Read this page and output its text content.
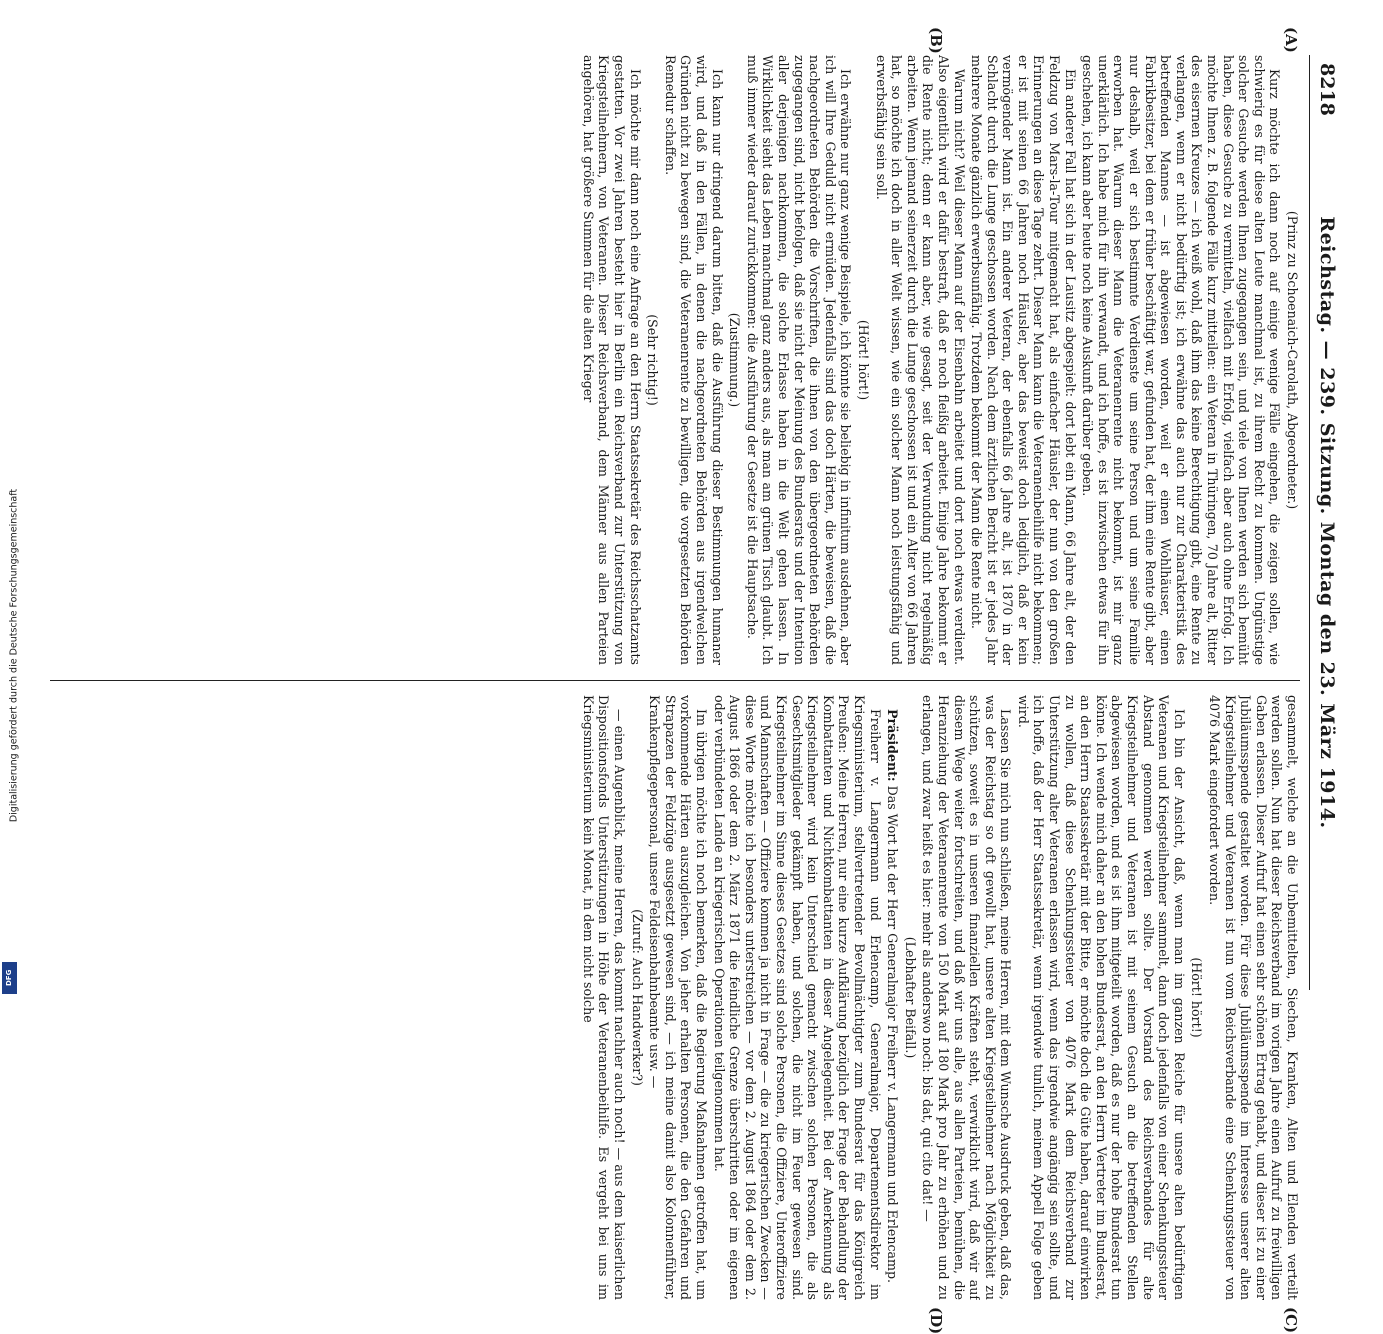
8218
Reichstag. — 239. Sitzung. Montag den 23. März 1914.
(A)
(B)
(C)
(D)

(Prinz zu Schoenaich-Carolath, Abgeordneter.)

Kurz möchte ich dann noch auf einige wenige Fälle eingehen, die zeigen sollen, wie schwierig es für diese alten Leute manchmal ist, zu ihrem Recht zu kommen. Ungünstige solcher Gesuche werden Ihnen zugegangen sein, und viele von Ihnen werden sich bemüht haben, diese Gesuche zu vermitteln, vielfach mit Erfolg, vielfach aber auch ohne Erfolg. Ich möchte Ihnen z. B. folgende Fälle kurz mitteilen: ein Veteran in Thüringen, 70 Jahre alt, Ritter des eisernen Kreuzes — ich weiß wohl, daß ihm das keine Berechtigung gibt, eine Rente zu verlangen, wenn er nicht bedürftig ist; ich erwähne das auch nur zur Charakteristik des betreffenden Mannes — ist abgewiesen worden, weil er einen Wohlhäuser, einen Fabrikbesitzer, bei dem er früher beschäftigt war, gefunden hat, der ihm eine Rente gibt, aber nur deshalb, weil er sich bestimmte Verdienste um seine Person und um seine Familie erworben hat. Warum dieser Mann die Veteranenrente nicht bekommt, ist mir ganz unerklärlich. Ich habe mich für ihn verwandt, und ich hoffe, es ist inzwischen etwas für ihn geschehen, ich kann aber heute noch keine Auskunft darüber geben.

Ein anderer Fall hat sich in der Lausitz abgespielt: dort lebt ein Mann, 66 Jahre alt, der den Feldzug von Mars-la-Tour mitgemacht hat, als einfacher Häusler, der nun von den großen Erinnerungen an diese Tage zehrt. Dieser Mann kann die Veteranenbeihilfe nicht bekommen; er ist mit seinen 66 Jahren noch Häusler, aber das beweist doch lediglich, daß er kein vermögender Mann ist. Ein anderer Veteran, der ebenfalls 66 Jahre alt, ist 1870 in der Schlacht durch die Lunge geschossen worden. Nach dem ärztlichen Bericht ist er jedes Jahr mehrere Monate gänzlich erwerbsunfähig. Trotzdem bekommt der Mann die Rente nicht.

Warum nicht? Weil dieser Mann auf der Eisenbahn arbeitet und dort noch etwas verdient. Also eigentlich wird er dafür bestraft, daß er noch fleißig arbeitet. Einige Jahre bekommt er die Rente nicht; denn er kann aber, wie gesagt, seit der Verwundung nicht regelmäßig arbeiten. Wenn jemand seinerzeit durch die Lunge geschossen ist und ein Alter von 66 Jahren hat, so möchte ich doch in aller Welt wissen, wie ein solcher Mann noch leistungsfähig und erwerbsfähig sein soll.

(Hört! hört!)

Ich erwähne nur ganz wenige Beispiele, ich könnte sie beliebig in infinitum ausdehnen, aber ich will Ihre Geduld nicht ermüden. Jedenfalls sind das doch Härten, die beweisen, daß die nachgeordneten Behörden die Vorschriften, die ihnen von den übergeordneten Behörden zugegangen sind, nicht befolgen, daß sie nicht der Meinung des Bundesrats und der Intention aller derjenigen nachkommen, die solche Erlasse haben in die Welt gehen lassen. In Wirklichkeit sieht das Leben manchmal ganz anders aus, als man am grünen Tisch glaubt. Ich muß immer wieder darauf zurückkommen: die Ausführung der Gesetze ist die Hauptsache.

(Zustimmung.)

Ich kann nur dringend darum bitten, daß die Ausführung dieser Bestimmungen humaner wird, und daß in den Fällen, in denen die nachgeordneten Behörden aus irgendwelchen Gründen nicht zu bewegen sind, die Veteranenrente zu bewilligen, die vorgesetzten Behörden Remedur schaffen.

(Sehr richtig!)

Ich möchte mir dann noch eine Anfrage an den Herrn Staatssekretär des Reichsschatzamts gestatten. Vor zwei Jahren besteht hier in Berlin ein Reichsverband zur Unterstützung von Kriegsteilnehmern, von Veteranen. Dieser Reichsverband, dem Männer aus allen Parteien angehören, hat größere Summen für die alten Krieger

gesammelt, welche an die Unbemittelten, Siechen, Kranken, Alten und Elenden verteilt werden sollen. Nun hat dieser Reichsverband im vorigen Jahre einen Aufruf zu freiwilligen Gaben erlassen. Dieser Aufruf hat einen sehr schönen Ertrag gehabt, und dieser ist zu einer Jubiläumsspende gestaltet worden. Für diese Jubiläumsspende im Interesse unserer alten Kriegsteilnehmer und Veteranen ist nun vom Reichsverbande eine Schenkungssteuer von 4076 Mark eingefordert worden.

(Hört! hört!)

Ich bin der Ansicht, daß, wenn man im ganzen Reiche für unsere alten bedürftigen Veteranen und Kriegsteilnehmer sammelt, dann doch jedenfalls von einer Schenkungssteuer Abstand genommen werden sollte. Der Vorstand des Reichsverbandes für alte Kriegsteilnehmer und Veteranen ist mit seinem Gesuch an die betreffenden Stellen abgewiesen worden, und es ist ihm mitgeteilt worden, daß es nur der hohe Bundesrat tun könne. Ich wende mich daher an den hohen Bundesrat, an den Herrn Vertreter im Bundesrat, an den Herrn Staatssekretär mit der Bitte, er möchte doch die Güte haben, darauf einwirken zu wollen, daß diese Schenkungssteuer von 4076 Mark dem Reichsverband zur Unterstützung alter Veteranen erlassen wird, wenn das irgendwie angängig sein sollte, und ich hoffe, daß der Herr Staatssekretär, wenn irgendwie tunlich, meinem Appell Folge geben wird.

Lassen Sie mich nun schließen, meine Herren, mit dem Wunsche Ausdruck geben, daß das, was der Reichstag so oft gewollt hat, unsere alten Kriegsteilnehmer nach Möglichkeit zu schützen, soweit es in unseren finanziellen Kräften steht, verwirklicht wird, daß wir auf diesem Wege weiter fortschreiten, und daß wir uns alle, aus allen Parteien, bemühen, die Heranziehung der Veteranenrente von 150 Mark auf 180 Mark pro Jahr zu erhöhen und zu erlangen, und zwar heißt es hier: mehr als anderswo noch: bis dat, qui cito dat! —

(Lebhafter Beifall.)

Präsident: Das Wort hat der Herr Generalmajor Freiherr v. Langermann und Erlencamp.

Freiherr v. Langermann und Erlencamp, Generalmajor, Departementsdirektor im Kriegsministerium, stellvertretender Bevollmächtigter zum Bundesrat für das Königreich Preußen: Meine Herren, nur eine kurze Aufklärung bezüglich der Frage der Behandlung der Kombattanten und Nichtkombattanten in dieser Angelegenheit. Bei der Anerkennung als Kriegsteilnehmer wird kein Unterschied gemacht zwischen solchen Personen, die als Gesechtsmitglieder gekämpft haben, und solchen, die nicht im Feuer gewesen sind. Kriegsteilnehmer im Sinne dieses Gesetzes sind solche Personen, die Offiziere, Unteroffiziere und Mannschaften — Offiziere kommen ja nicht in Frage — die zu kriegerischen Zwecken — diese Worte möchte ich besonders unterstreichen — vor dem 2. August 1864 oder dem 2. August 1866 oder dem 2. März 1871 die feindliche Grenze überschritten oder im eigenen oder verbündeten Lande an kriegerischen Operationen teilgenommen hat.

Im übrigen möchte ich noch bemerken, daß die Regierung Maßnahmen getroffen hat, um vorkommende Härten auszugleichen. Von jeher erhalten Personen, die den Gefahren und Strapazen der Feldzüge ausgesetzt gewesen sind, — ich meine damit also Kolonnenführer, Krankenpflegepersonal, unsere Feldeisenbahnbeamte usw. —

(Zuruf: Auch Handwerker?)

— einen Augenblick, meine Herren, das kommt nachher auch noch! — aus dem kaiserlichen Dispositionsfonds Unterstützungen in Höhe der Veteranenbeihilfe. Es vergeht bei uns im Kriegsministerium kein Monat, in dem nicht solche

Digitalisierung gefördert durch die Deutsche Forschungsgemeinschaft
DFG
